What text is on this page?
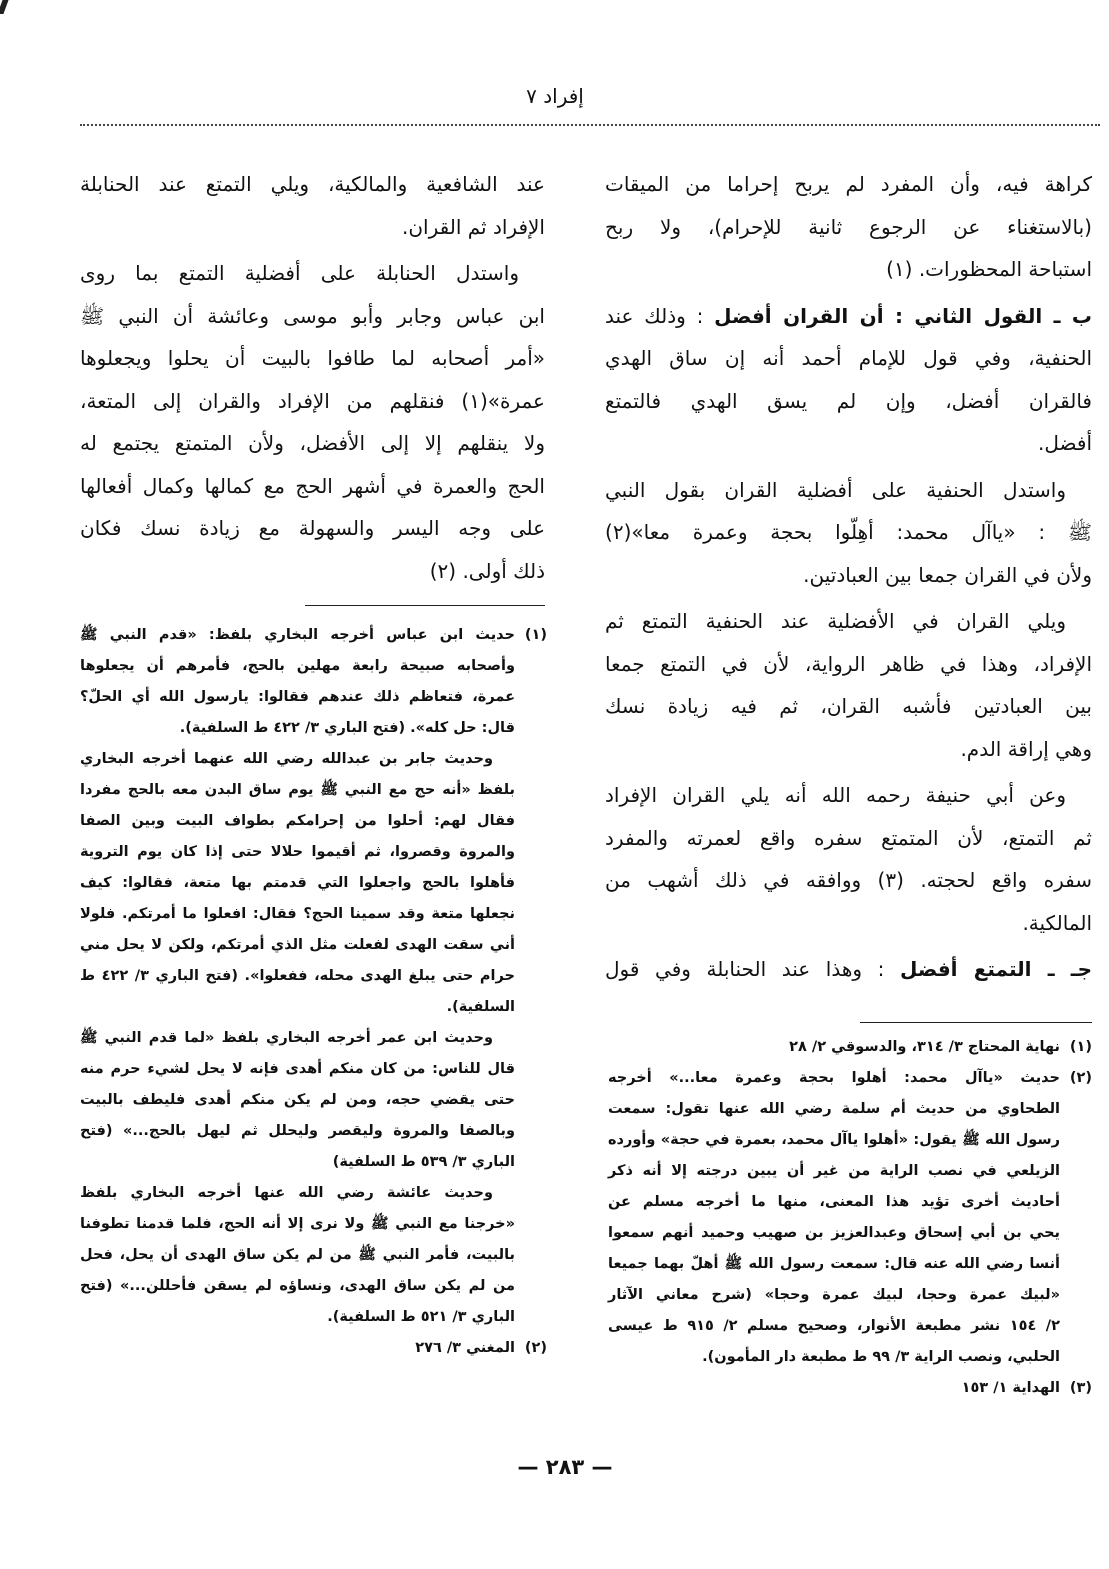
إفراد ٧
كراهة فيه، وأن المفرد لم يربح إحراما من الميقات
(بالاستغناء عن الرجوع ثانية للإحرام)، ولا ربح
استباحة المحظورات. (١)
ب ـ القول الثاني : أن القران أفضل : وذلك عند
الحنفية، وفي قول للإمام أحمد أنه إن ساق الهدي
فالقران أفضل، وإن لم يسق الهدي فالتمتع
أفضل.
واستدل الحنفية على أفضلية القران بقول النبي
ﷺ : «ياآل محمد: أهِلّوا بحجة وعمرة معا»(٢)
ولأن في القران جمعا بين العبادتين.
ويلي القران في الأفضلية عند الحنفية التمتع ثم
الإفراد، وهذا في ظاهر الرواية، لأن في التمتع جمعا
بين العبادتين فأشبه القران، ثم فيه زيادة نسك
وهي إراقة الدم.
وعن أبي حنيفة رحمه الله أنه يلي القران الإفراد
ثم التمتع، لأن المتمتع سفره واقع لعمرته والمفرد
سفره واقع لحجته. (٣) ووافقه في ذلك أشهب من
المالكية.
جـ ـ التمتع أفضل : وهذا عند الحنابلة وفي قول
عند الشافعية والمالكية، ويلي التمتع عند الحنابلة
الإفراد ثم القران.
واستدل الحنابلة على أفضلية التمتع بما روى
ابن عباس وجابر وأبو موسى وعائشة أن النبي ﷺ
«أمر أصحابه لما طافوا بالبيت أن يحلوا ويجعلوها
عمرة»(١) فنقلهم من الإفراد والقران إلى المتعة،
ولا ينقلهم إلا إلى الأفضل، ولأن المتمتع يجتمع له
الحج والعمرة في أشهر الحج مع كمالها وكمال أفعالها
على وجه اليسر والسهولة مع زيادة نسك فكان
ذلك أولى. (٢)
(١)
حديث ابن عباس أخرجه البخاري بلفظ: «قدم النبي ﷺ
وأصحابه صبيحة رابعة مهلين بالحج، فأمرهم أن يجعلوها
عمرة، فتعاظم ذلك عندهم فقالوا: يارسول الله أي الحلّ؟
قال: حل كله». (فتح الباري ٣/ ٤٢٢ ط السلفية).
وحديث جابر بن عبدالله رضي الله عنهما أخرجه البخاري
بلفظ «أنه حج مع النبي ﷺ يوم ساق البدن معه بالحج مفردا
فقال لهم: أحلوا من إحرامكم بطواف البيت وبين الصفا
والمروة وقصروا، ثم أقيموا حلالا حتى إذا كان يوم التروية
فأهلوا بالحج واجعلوا التي قدمتم بها متعة، فقالوا: كيف
نجعلها متعة وقد سمينا الحج؟ فقال: افعلوا ما أمرتكم. فلولا
أني سقت الهدى لفعلت مثل الذي أمرتكم، ولكن لا يحل مني
حرام حتى يبلغ الهدى محله، ففعلوا». (فتح الباري ٣/ ٤٢٢ ط
السلفية).
وحديث ابن عمر أخرجه البخاري بلفظ «لما قدم النبي ﷺ
قال للناس: من كان منكم أهدى فإنه لا يحل لشيء حرم منه
حتى يقضي حجه، ومن لم يكن منكم أهدى فليطف بالبيت
وبالصفا والمروة وليقصر وليحلل ثم ليهل بالحج...» (فتح
الباري ٣/ ٥٣٩ ط السلفية)
وحديث عائشة رضي الله عنها أخرجه البخاري بلفظ
«خرجنا مع النبي ﷺ ولا نرى إلا أنه الحج، فلما قدمنا تطوفنا
بالبيت، فأمر النبي ﷺ من لم يكن ساق الهدى أن يحل، فحل
من لم يكن ساق الهدى، ونساؤه لم يسقن فأحللن...» (فتح
الباري ٣/ ٥٢١ ط السلفية).
(٢)
المغني ٣/ ٢٧٦
(١)
نهاية المحتاج ٣/ ٣١٤، والدسوقي ٢/ ٢٨
(٢)
حديث «ياآل محمد: أهلوا بحجة وعمرة معا...» أخرجه
الطحاوي من حديث أم سلمة رضي الله عنها تقول: سمعت
رسول الله ﷺ يقول: «أهلوا ياآل محمد، بعمرة في حجة» وأورده
الزيلعي في نصب الراية من غير أن يبين درجته إلا أنه ذكر
أحاديث أخرى تؤيد هذا المعنى، منها ما أخرجه مسلم عن
يحي بن أبي إسحاق وعبدالعزيز بن صهيب وحميد أنهم سمعوا
أنسا رضي الله عنه قال: سمعت رسول الله ﷺ أهلّ بهما جميعا
«لبيك عمرة وحجا، لبيك عمرة وحجا» (شرح معاني الآثار
٢/ ١٥٤ نشر مطبعة الأنوار، وصحيح مسلم ٢/ ٩١٥ ط عيسى
الحلبي، ونصب الراية ٣/ ٩٩ ط مطبعة دار المأمون).
(٣)
الهداية ١/ ١٥٣
— ٢٨٣ —
